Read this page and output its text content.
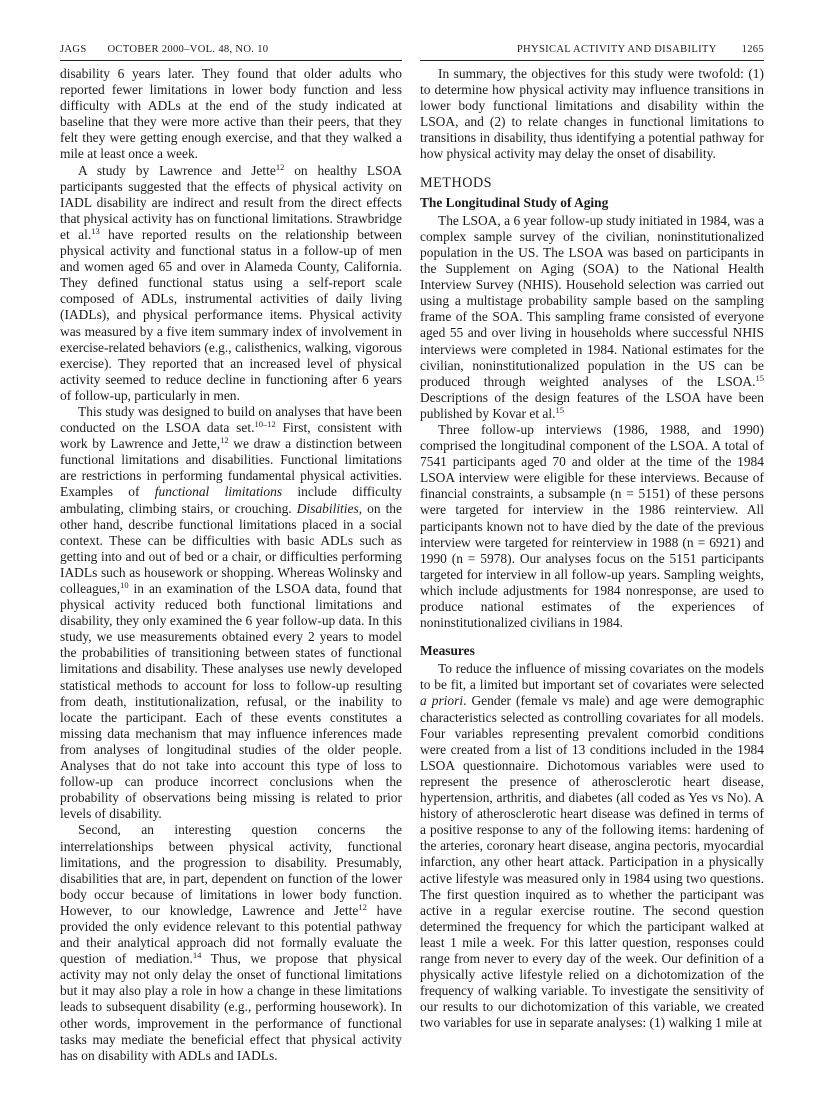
JAGS OCTOBER 2000–VOL. 48, NO. 10	PHYSICAL ACTIVITY AND DISABILITY 1265

disability 6 years later. They found that older adults who reported fewer limitations in lower body function and less difficulty with ADLs at the end of the study indicated at baseline that they were more active than their peers, that they felt they were getting enough exercise, and that they walked a mile at least once a week.

A study by Lawrence and Jette$^{12}$ on healthy LSOA participants suggested that the effects of physical activity on IADL disability are indirect and result from the direct effects that physical activity has on functional limitations. Strawbridge et al.$^{13}$ have reported results on the relationship between physical activity and functional status in a follow-up of men and women aged 65 and over in Alameda County, California. They defined functional status using a self-report scale composed of ADLs, instrumental activities of daily living (IADLs), and physical performance items. Physical activity was measured by a five item summary index of involvement in exercise-related behaviors (e.g., calisthenics, walking, vigorous exercise). They reported that an increased level of physical activity seemed to reduce decline in functioning after 6 years of follow-up, particularly in men.

This study was designed to build on analyses that have been conducted on the LSOA data set.$^{10-12}$ First, consistent with work by Lawrence and Jette,$^{12}$ we draw a distinction between functional limitations and disabilities. Functional limitations are restrictions in performing fundamental physical activities. Examples of functional limitations include difficulty ambulating, climbing stairs, or crouching. Disabilities, on the other hand, describe functional limitations placed in a social context. These can be difficulties with basic ADLs such as getting into and out of bed or a chair, or difficulties performing IADLs such as housework or shopping. Whereas Wolinsky and colleagues,$^{10}$ in an examination of the LSOA data, found that physical activity reduced both functional limitations and disability, they only examined the 6 year follow-up data. In this study, we use measurements obtained every 2 years to model the probabilities of transitioning between states of functional limitations and disability. These analyses use newly developed statistical methods to account for loss to follow-up resulting from death, institutionalization, refusal, or the inability to locate the participant. Each of these events constitutes a missing data mechanism that may influence inferences made from analyses of longitudinal studies of the older people. Analyses that do not take into account this type of loss to follow-up can produce incorrect conclusions when the probability of observations being missing is related to prior levels of disability.

Second, an interesting question concerns the interrelationships between physical activity, functional limitations, and the progression to disability. Presumably, disabilities that are, in part, dependent on function of the lower body occur because of limitations in lower body function. However, to our knowledge, Lawrence and Jette$^{12}$ have provided the only evidence relevant to this potential pathway and their analytical approach did not formally evaluate the question of mediation.$^{14}$ Thus, we propose that physical activity may not only delay the onset of functional limitations but it may also play a role in how a change in these limitations leads to subsequent disability (e.g., performing housework). In other words, improvement in the performance of functional tasks may mediate the beneficial effect that physical activity has on disability with ADLs and IADLs.

In summary, the objectives for this study were twofold: (1) to determine how physical activity may influence transitions in lower body functional limitations and disability within the LSOA, and (2) to relate changes in functional limitations to transitions in disability, thus identifying a potential pathway for how physical activity may delay the onset of disability.

METHODS
The Longitudinal Study of Aging

The LSOA, a 6 year follow-up study initiated in 1984, was a complex sample survey of the civilian, noninstitutionalized population in the US. The LSOA was based on participants in the Supplement on Aging (SOA) to the National Health Interview Survey (NHIS). Household selection was carried out using a multistage probability sample based on the sampling frame of the SOA. This sampling frame consisted of everyone aged 55 and over living in households where successful NHIS interviews were completed in 1984. National estimates for the civilian, noninstitutionalized population in the US can be produced through weighted analyses of the LSOA.$^{15}$ Descriptions of the design features of the LSOA have been published by Kovar et al.$^{15}$

Three follow-up interviews (1986, 1988, and 1990) comprised the longitudinal component of the LSOA. A total of 7541 participants aged 70 and older at the time of the 1984 LSOA interview were eligible for these interviews. Because of financial constraints, a subsample (n = 5151) of these persons were targeted for interview in the 1986 reinterview. All participants known not to have died by the date of the previous interview were targeted for reinterview in 1988 (n = 6921) and 1990 (n = 5978). Our analyses focus on the 5151 participants targeted for interview in all follow-up years. Sampling weights, which include adjustments for 1984 nonresponse, are used to produce national estimates of the experiences of noninstitutionalized civilians in 1984.

Measures

To reduce the influence of missing covariates on the models to be fit, a limited but important set of covariates were selected a priori. Gender (female vs male) and age were demographic characteristics selected as controlling covariates for all models. Four variables representing prevalent comorbid conditions were created from a list of 13 conditions included in the 1984 LSOA questionnaire. Dichotomous variables were used to represent the presence of atherosclerotic heart disease, hypertension, arthritis, and diabetes (all coded as Yes vs No). A history of atherosclerotic heart disease was defined in terms of a positive response to any of the following items: hardening of the arteries, coronary heart disease, angina pectoris, myocardial infarction, any other heart attack. Participation in a physically active lifestyle was measured only in 1984 using two questions. The first question inquired as to whether the participant was active in a regular exercise routine. The second question determined the frequency for which the participant walked at least 1 mile a week. For this latter question, responses could range from never to every day of the week. Our definition of a physically active lifestyle relied on a dichotomization of the frequency of walking variable. To investigate the sensitivity of our results to our dichotomization of this variable, we created two variables for use in separate analyses: (1) walking 1 mile at
